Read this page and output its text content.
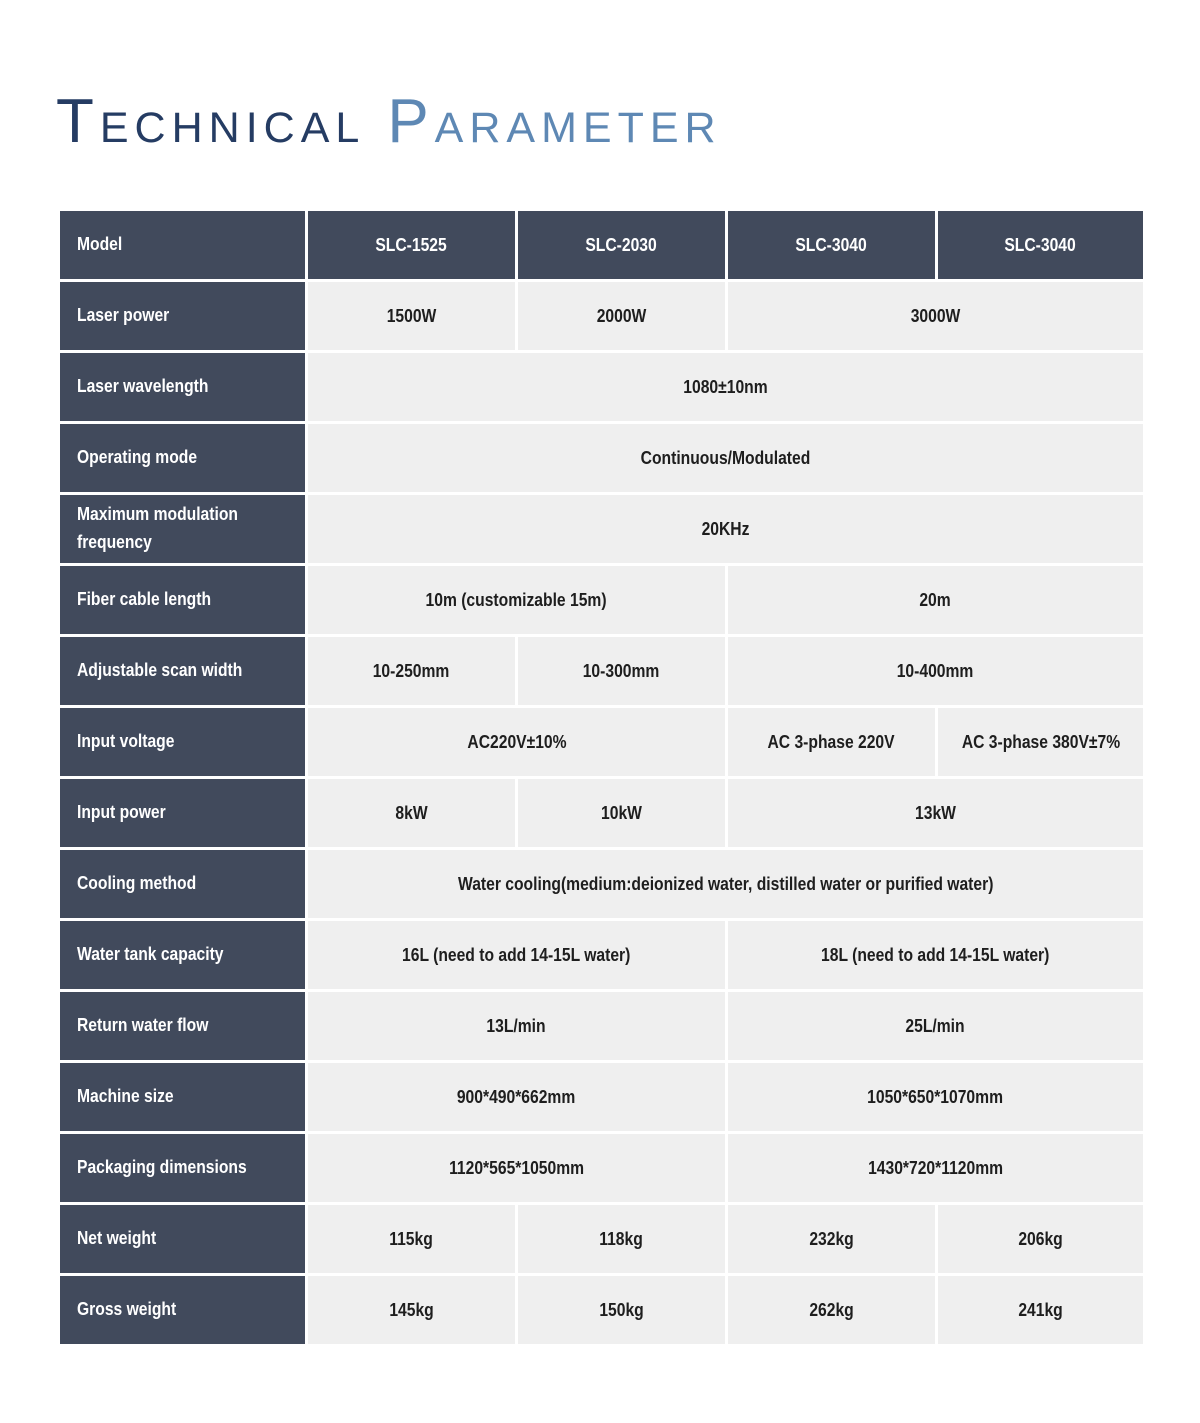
Technical Parameter
Model	SLC-1525	SLC-2030	SLC-3040	SLC-3040
Laser power	1500W	2000W	3000W	
Laser wavelength	1080±10nm			
Operating mode	Continuous/Modulated			
Maximum modulation frequency	20KHz			
Fiber cable length	10m (customizable 15m)		20m	
Adjustable scan width	10-250mm	10-300mm	10-400mm	
Input voltage	AC220V±10%		AC 3-phase 220V	AC 3-phase 380V±7%
Input power	8kW	10kW	13kW	
Cooling method	Water cooling(medium:deionized water, distilled water or purified water)			
Water tank capacity	16L (need to add 14-15L water)		18L (need to add 14-15L water)	
Return water flow	13L/min		25L/min	
Machine size	900*490*662mm		1050*650*1070mm	
Packaging dimensions	1120*565*1050mm		1430*720*1120mm	
Net weight	115kg	118kg	232kg	206kg
Gross weight	145kg	150kg	262kg	241kg
